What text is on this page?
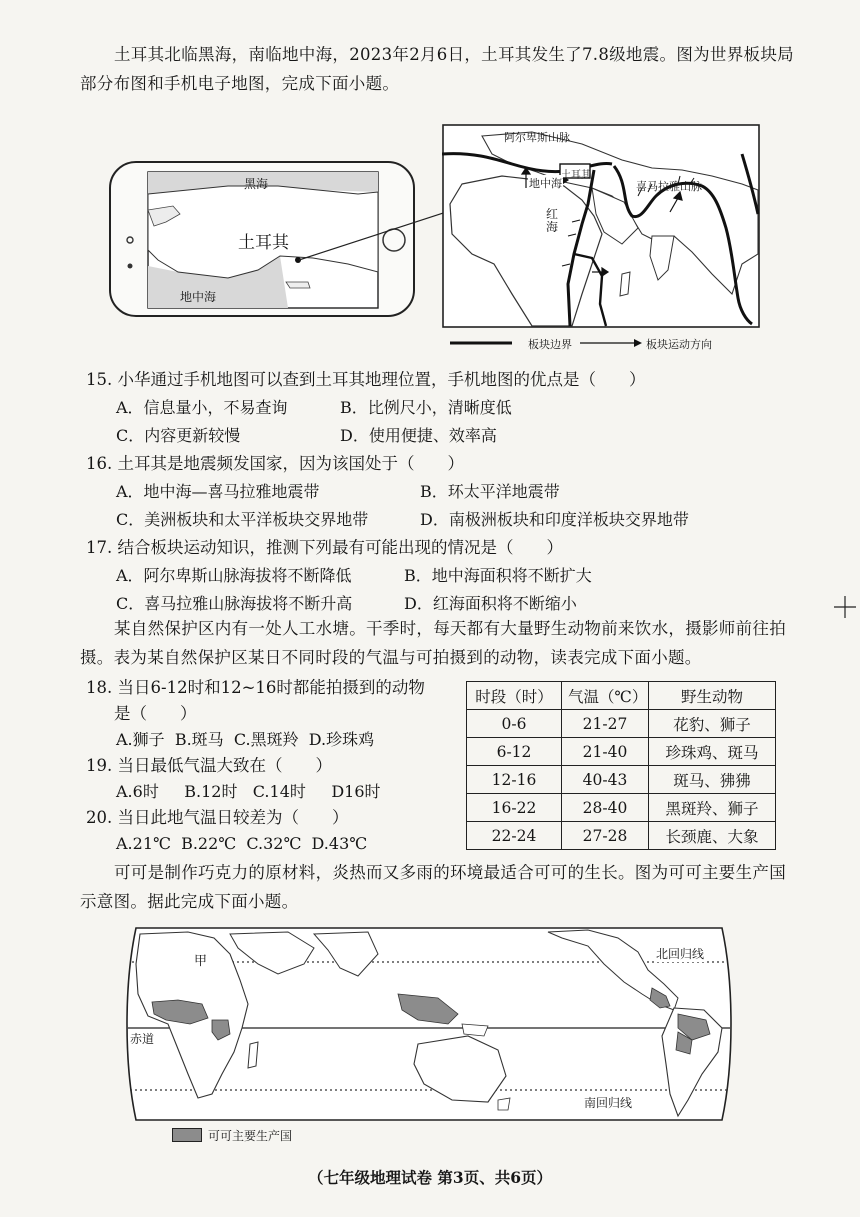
土耳其北临黑海，南临地中海，2023年2月6日，土耳其发生了7.8级地震。图为世界板块局部分布图和手机电子地图，完成下面小题。
黑海
土耳其
地中海
阿尔卑斯山脉
地中海
土耳其
喜马拉雅山脉
红海
板块边界	板块运动方向
15. 小华通过手机地图可以查到土耳其地理位置，手机地图的优点是（　　）
A．信息量小，不易查询	B．比例尺小，清晰度低
C．内容更新较慢	D．使用便捷、效率高
16. 土耳其是地震频发国家，因为该国处于（　　）
A．地中海—喜马拉雅地震带	B．环太平洋地震带
C．美洲板块和太平洋板块交界地带	D．南极洲板块和印度洋板块交界地带
17. 结合板块运动知识，推测下列最有可能出现的情况是（　　）
A．阿尔卑斯山脉海拔将不断降低	B．地中海面积将不断扩大
C．喜马拉雅山脉海拔将不断升高	D．红海面积将不断缩小
某自然保护区内有一处人工水塘。干季时，每天都有大量野生动物前来饮水，摄影师前往拍摄。表为某自然保护区某日不同时段的气温与可拍摄到的动物，读表完成下面小题。
18. 当日6-12时和12~16时都能拍摄到的动物
是（　　）
A.狮子 B.斑马 C.黑斑羚 D.珍珠鸡
19. 当日最低气温大致在（　　）
A.6时 B.12时 C.14时 D16时
20. 当日此地气温日较差为（　　）
A.21℃ B.22℃ C.32℃ D.43℃
时段（时）	气温（℃）	野生动物
0-6	21-27	花豹、狮子
6-12	21-40	珍珠鸡、斑马
12-16	40-43	斑马、狒狒
16-22	28-40	黑斑羚、狮子
22-24	27-28	长颈鹿、大象
可可是制作巧克力的原材料，炎热而又多雨的环境最适合可可的生长。图为可可主要生产国示意图。据此完成下面小题。
甲
赤道
北回归线
南回归线
可可主要生产国
（七年级地理试卷 第3页、共6页）
